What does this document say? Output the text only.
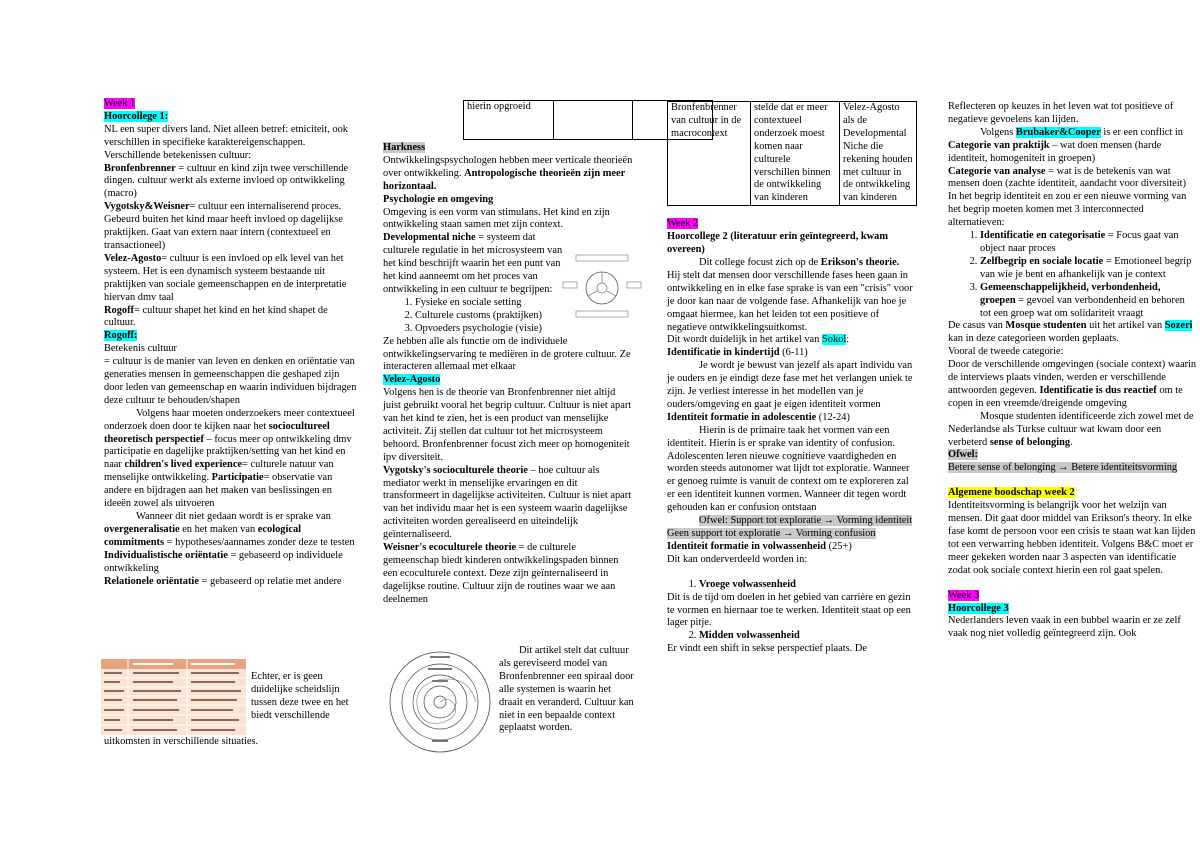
Week 1

Hoorcollege 1:

NL een super divers land. Niet alleen betref: etniciteit, ook verschillen in specifieke karaktereigenschappen.

Verschillende betekenissen cultuur:

Bronfenbrenner = cultuur en kind zijn twee verschillende dingen. cultuur werkt als externe invloed op ontwikkeling (macro)

Vygotsky&Weisner= cultuur een internaliserend proces. Gebeurd buiten het kind maar heeft invloed op dagelijkse praktijken. Gaat van extern naar intern (contextueel en transactioneel)

Velez-Agosto= cultuur is een invloed op elk level van het systeem. Het is een dynamisch systeem bestaande uit praktijken van sociale gemeenschappen en de interpretatie hiervan dmv taal

Rogoff= cultuur shapet het kind en het kind shapet de cultuur.

Rogoff:

Betekenis cultuur

= cultuur is de manier van leven en denken en oriëntatie van generaties mensen in gemeenschappen die geshaped zijn door leden van gemeenschap en waarin individuen bijdragen deze cultuur te behouden/shapen

Volgens haar moeten onderzoekers meer contextueel onderzoek doen door te kijken naar het sociocultureel theoretisch perspectief – focus meer op ontwikkeling dmv participatie en dagelijke praktijken/setting van het kind en naar children's lived experience= culturele natuur van menselijke ontwikkeling. Participatie= observatie van andere en bijdragen aan het maken van beslissingen en ideeën zowel als uitvoeren

Wanneer dit niet gedaan wordt is er sprake van overgeneralisatie en het maken van ecological commitments = hypotheses/aannames zonder deze te testen

Individualistische oriëntatie = gebaseerd op individuele ontwikkeling

Relationele oriëntatie = gebaseerd op relatie met andere

Echter, er is geen duidelijke scheidslijn tussen deze twee en het biedt verschillende
uitkomsten in verschillende situaties.
hierin opgroeid		

Harkness

Ontwikkelingspsychologen hebben meer verticale theorieën over ontwikkeling. Antropologische theorieën zijn meer horizontaal.

Psychologie en omgeving

Omgeving is een vorm van stimulans. Het kind en zijn ontwikkeling staan samen met zijn context.

Developmental niche = systeem dat culturele regulatie in het microsysteem van het kind beschrijft waarin het een punt van het kind aanneemt om het proces van ontwikkeling in een cultuur te begrijpen:

1. Fysieke en sociale setting
2. Culturele customs (praktijken)
3. Opvoeders psychologie (visie)

Ze hebben alle als functie om de individuele ontwikkelingservaring te mediëren in de grotere cultuur. Ze interacteren allemaal met elkaar

Velez-Agosto

Volgens hen is de theorie van Bronfenbrenner niet altijd juist gebruikt vooral het begrip cultuur. Cultuur is niet apart van het kind te zien, het is een product van menselijke activiteit. Zij stellen dat cultuur tot het microsysteem behoord. Bronfenbrenner focust zich meer op homogeniteit ipv diversiteit.

Vygotsky's socioculturele theorie – hoe cultuur als mediator werkt in menselijke ervaringen en dit transformeert in dagelijkse activiteiten. Cultuur is niet apart van het individu maar het is een systeem waarin dagelijkse activiteiten worden gerealiseerd en uiteindelijk geïnternaliseerd.

Weisner's ecoculturele theorie = de culturele gemeenschap biedt kinderen ontwikkelingspaden binnen een ecoculturele context. Deze zijn geïnternaliseerd in dagelijkse routine. Cultuur zijn de routines waar we aan deelnemen

Dit artikel stelt dat cultuur als gereviseerd model van Bronfenbrenner een spiraal door alle systemen is waarin het draait en veranderd. Cultuur kan niet in een bepaalde context geplaatst worden.
Bronfenbrenner van cultuur in de macrocontext	stelde dat er meer contextueel onderzoek moest komen naar culturele verschillen binnen de ontwikkeling van kinderen	Velez-Agosto als de Developmental Niche die rekening houden met cultuur in de ontwikkeling van kinderen

Week 2

Hoorcollege 2 (literatuur erin geïntegreerd, kwam overeen)

Dit college focust zich op de Erikson's theorie. Hij stelt dat mensen door verschillende fases heen gaan in ontwikkeling en in elke fase sprake is van een "crisis" voor je door kan naar de volgende fase. Afhankelijk van hoe je omgaat hiermee, kan het leiden tot een positieve of negatieve ontwikkelingsuitkomst.

Dit wordt duidelijk in het artikel van Sokol:

Identificatie in kindertijd (6-11)

Je wordt je bewust van jezelf als apart individu van je ouders en je eindigt deze fase met het verlangen uniek te zijn. Je verliest interesse in het modellen van je ouders/omgeving en gaat je eigen identiteit vormen

Identiteit formatie in adolescentie (12-24)

Hierin is de primaire taak het vormen van een identiteit. Hierin is er sprake van identity of confusion. Adolescenten leren nieuwe cognitieve vaardigheden en worden steeds autonomer wat lijdt tot exploratie. Wanneer er genoeg ruimte is vanuit de context om te exploreren zal er een identiteit kunnen vormen. Wanneer dit tegen wordt gehouden kan er confusion ontstaan

Ofwel: Support tot exploratie → Vorming identiteit

Geen support tot exploratie → Vorming confusion

Identiteit formatie in volwassenheid (25+)

Dit kan onderverdeeld worden in:

1. Vroege volwassenheid

Dit is de tijd om doelen in het gebied van carrière en gezin te vormen en hiernaar toe te werken. Identiteit staat op een lager pitje.

2. Midden volwassenheid

Er vindt een shift in sekse perspectief plaats. De

Reflecteren op keuzes in het leven wat tot positieve of negatieve gevoelens kan lijden.

Volgens Brubaker&Cooper is er een conflict in

Categorie van praktijk – wat doen mensen (harde identiteit, homogeniteit in groepen)

Categorie van analyse = wat is de betekenis van wat mensen doen (zachte identiteit, aandacht voor diversiteit)

In het begrip identiteit en zou er een nieuwe vorming van het begrip moeten komen met 3 interconnected alternatieven:

1. Identificatie en categorisatie = Focus gaat van object naar proces
2. Zelfbegrip en sociale locatie = Emotioneel begrip van wie je bent en afhankelijk van je context
3. Gemeenschappelijkheid, verbondenheid, groepen = gevoel van verbondenheid en behoren tot een groep wat om solidariteit vraagt

De casus van Mosque studenten uit het artikel van Sozeri kan in deze categorieen worden geplaats.

Vooral de tweede categorie:

Door de verschillende omgevingen (sociale context) waarin de interviews plaats vinden, werden er verschillende antwoorden gegeven. Identificatie is dus reactief om te copen in een vreemde/dreigende omgeving

Mosque studenten identificeerde zich zowel met de Nederlandse als Turkse cultuur wat kwam door een verbeterd sense of belonging.

Ofwel:

Betere sense of belonging → Betere identiteitsvorming

Algemene boodschap week 2

Identiteitsvorming is belangrijk voor het welzijn van mensen. Dit gaat door middel van Erikson's theory. In elke fase komt de persoon voor een crisis te staan wat kan lijden tot een verwarring hebben identiteit. Volgens B&C moet er meer gekeken worden naar 3 aspecten van identificatie zodat ook sociale context hierin een rol gaat spelen.

Week 3

Hoorcollege 3

Nederlanders leven vaak in een bubbel waarin er ze zelf vaak nog niet volledig geïntegreerd zijn. Ook
